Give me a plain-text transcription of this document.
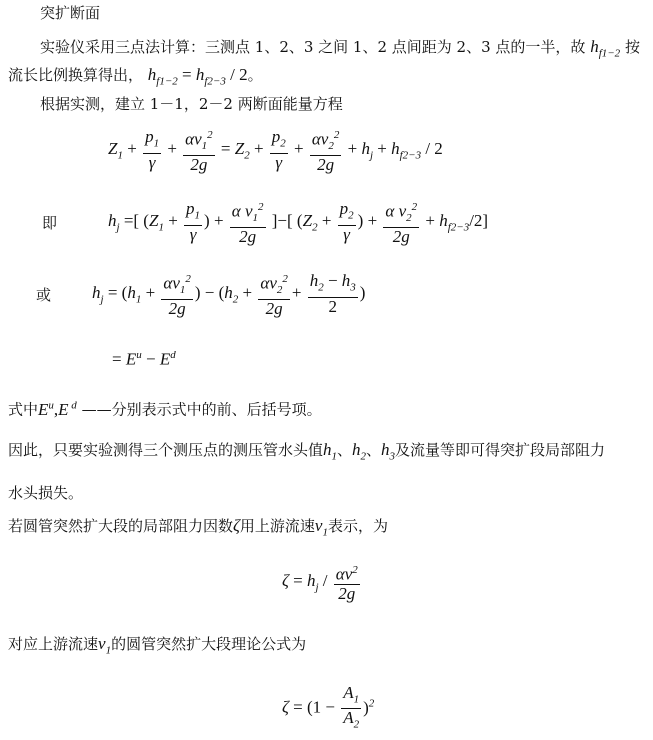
突扩断面
实验仪采用三点法计算：三测点 1、2、3 之间 1、2 点间距为 2、3 点的一半，故 $h_{f1-2}$ 按
流长比例换算得出， $h_{f1-2} = h_{f2-3} / 2$。
根据实测，建立 1－1，2－2 两断面能量方程
$Z_1 + \frac{p_1}{\gamma} + \frac{\alpha v_1^2}{2g} = Z_2 + \frac{p_2}{\gamma} + \frac{\alpha v_2^2}{2g} + h_j + h_{f2-3} / 2$
即	$h_j$ =[ ($Z_1 + \frac{p_1}{\gamma}$ ) + $\frac{\alpha v_1^2}{2g}$ ]−[ ($Z_2 + \frac{p_2}{\gamma}$ ) + $\frac{\alpha v_2^2}{2g} + h_{f2-3}/2$]
或 $h_j = (h_1 + \frac{\alpha v_1^2}{2g}$ ) − ($h_2 + \frac{\alpha v_2^2}{2g} + \frac{h_2 - h_3}{2}$ )
= $E^u - E^d$
式中$E^u,E$ $^d$ ——分别表示式中的前、后括号项。
因此，只要实验测得三个测压点的测压管水头值$h_1$、$h_2$、$h_3$及流量等即可得突扩段局部阻力
水头损失。
若圆管突然扩大段的局部阻力因数ζ用上游流速$v_1$表示，为
$\zeta = h_j / \frac{\alpha v^2}{2g}$
对应上游流速$v_1$的圆管突然扩大段理论公式为
$\zeta = (1 - \frac{A_1}{A_2} )^2$
